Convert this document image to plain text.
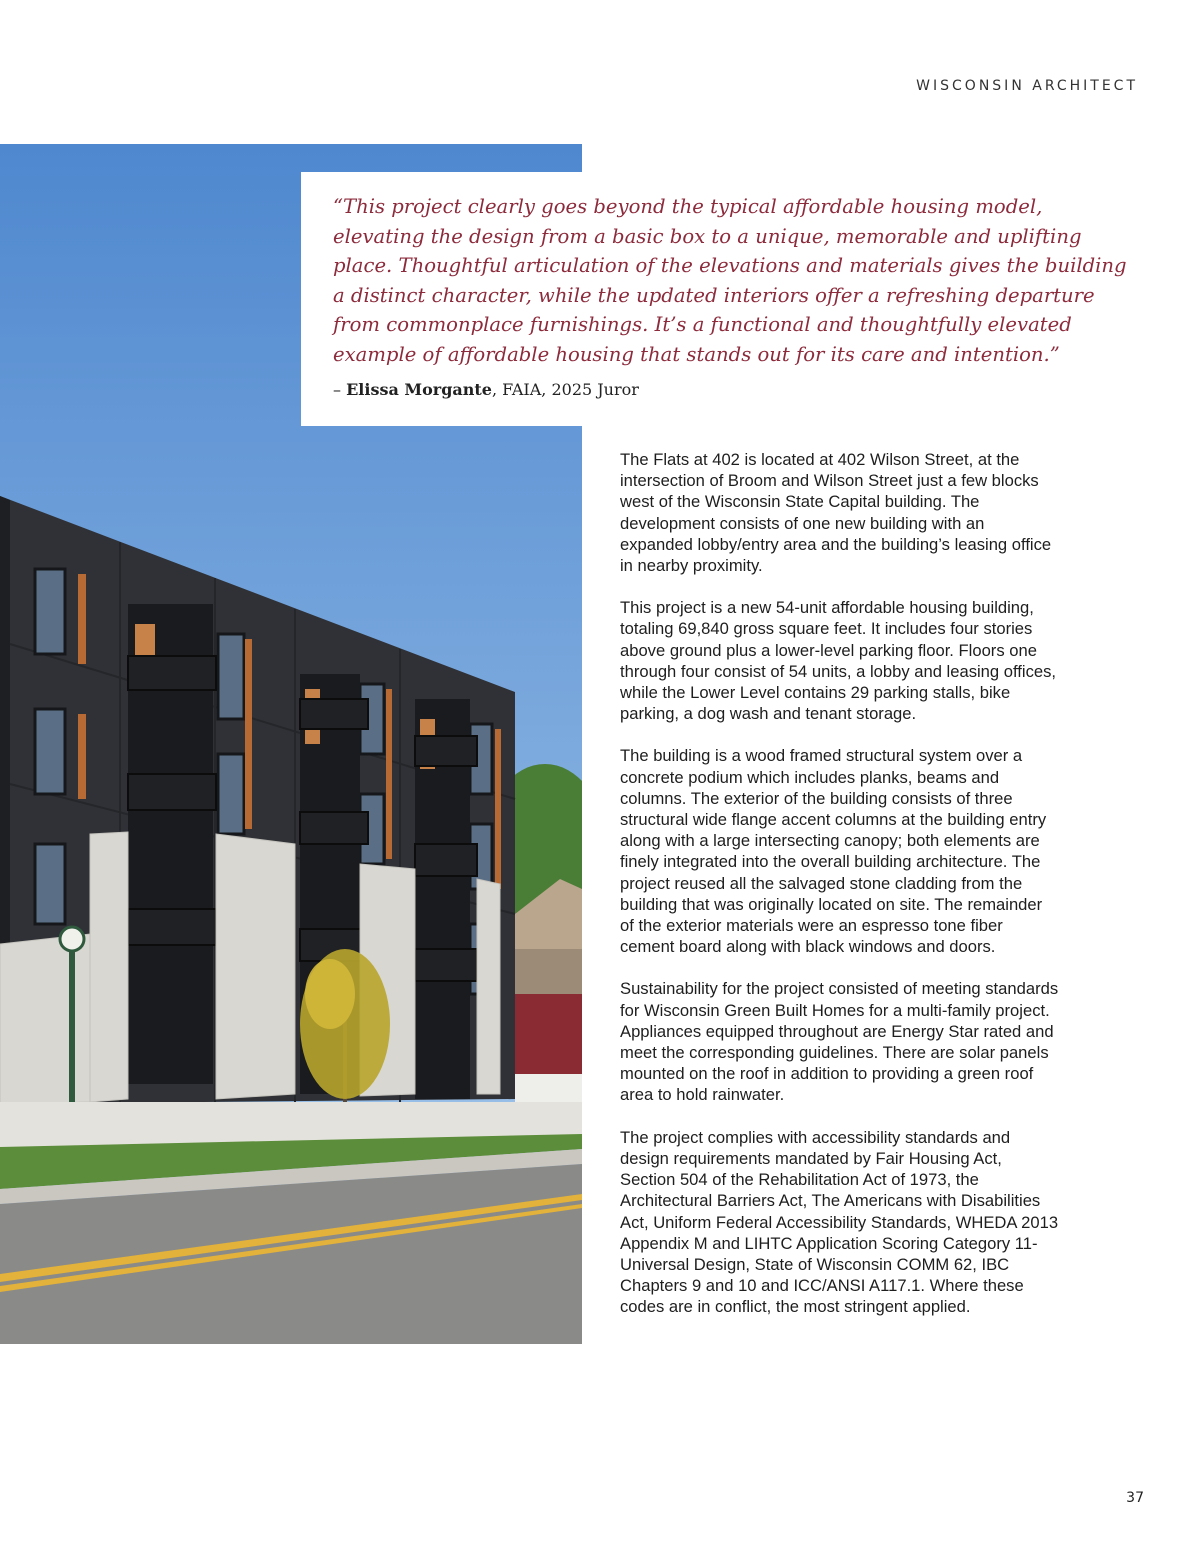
WISCONSIN ARCHITECT

“This project clearly goes beyond the typical affordable housing model, elevating the design from a basic box to a unique, memorable and uplifting place. Thoughtful articulation of the elevations and materials gives the building a distinct character, while the updated interiors offer a refreshing departure from commonplace furnishings. It’s a functional and thoughtfully elevated example of affordable housing that stands out for its care and intention.”

– Elissa Morgante, FAIA, 2025 Juror

The Flats at 402 is located at 402 Wilson Street, at the intersection of Broom and Wilson Street just a few blocks west of the Wisconsin State Capital building. The development consists of one new building with an expanded lobby/entry area and the building’s leasing office in nearby proximity.

This project is a new 54-unit affordable housing building, totaling 69,840 gross square feet. It includes four stories above ground plus a lower-level parking floor. Floors one through four consist of 54 units, a lobby and leasing offices, while the Lower Level contains 29 parking stalls, bike parking, a dog wash and tenant storage.

The building is a wood framed structural system over a concrete podium which includes planks, beams and columns. The exterior of the building consists of three structural wide flange accent columns at the building entry along with a large intersecting canopy; both elements are finely integrated into the overall building architecture. The project reused all the salvaged stone cladding from the building that was originally located on site. The remainder of the exterior materials were an espresso tone fiber cement board along with black windows and doors.

Sustainability for the project consisted of meeting standards for Wisconsin Green Built Homes for a multi-family project. Appliances equipped throughout are Energy Star rated and meet the corresponding guidelines. There are solar panels mounted on the roof in addition to providing a green roof area to hold rainwater.

The project complies with accessibility standards and design requirements mandated by Fair Housing Act, Section 504 of the Rehabilitation Act of 1973, the Architectural Barriers Act, The Americans with Disabilities Act, Uniform Federal Accessibility Standards, WHEDA 2013 Appendix M and LIHTC Application Scoring Category 11-Universal Design, State of Wisconsin COMM 62, IBC Chapters 9 and 10 and ICC/ANSI A117.1. Where these codes are in conflict, the most stringent applied.

37
